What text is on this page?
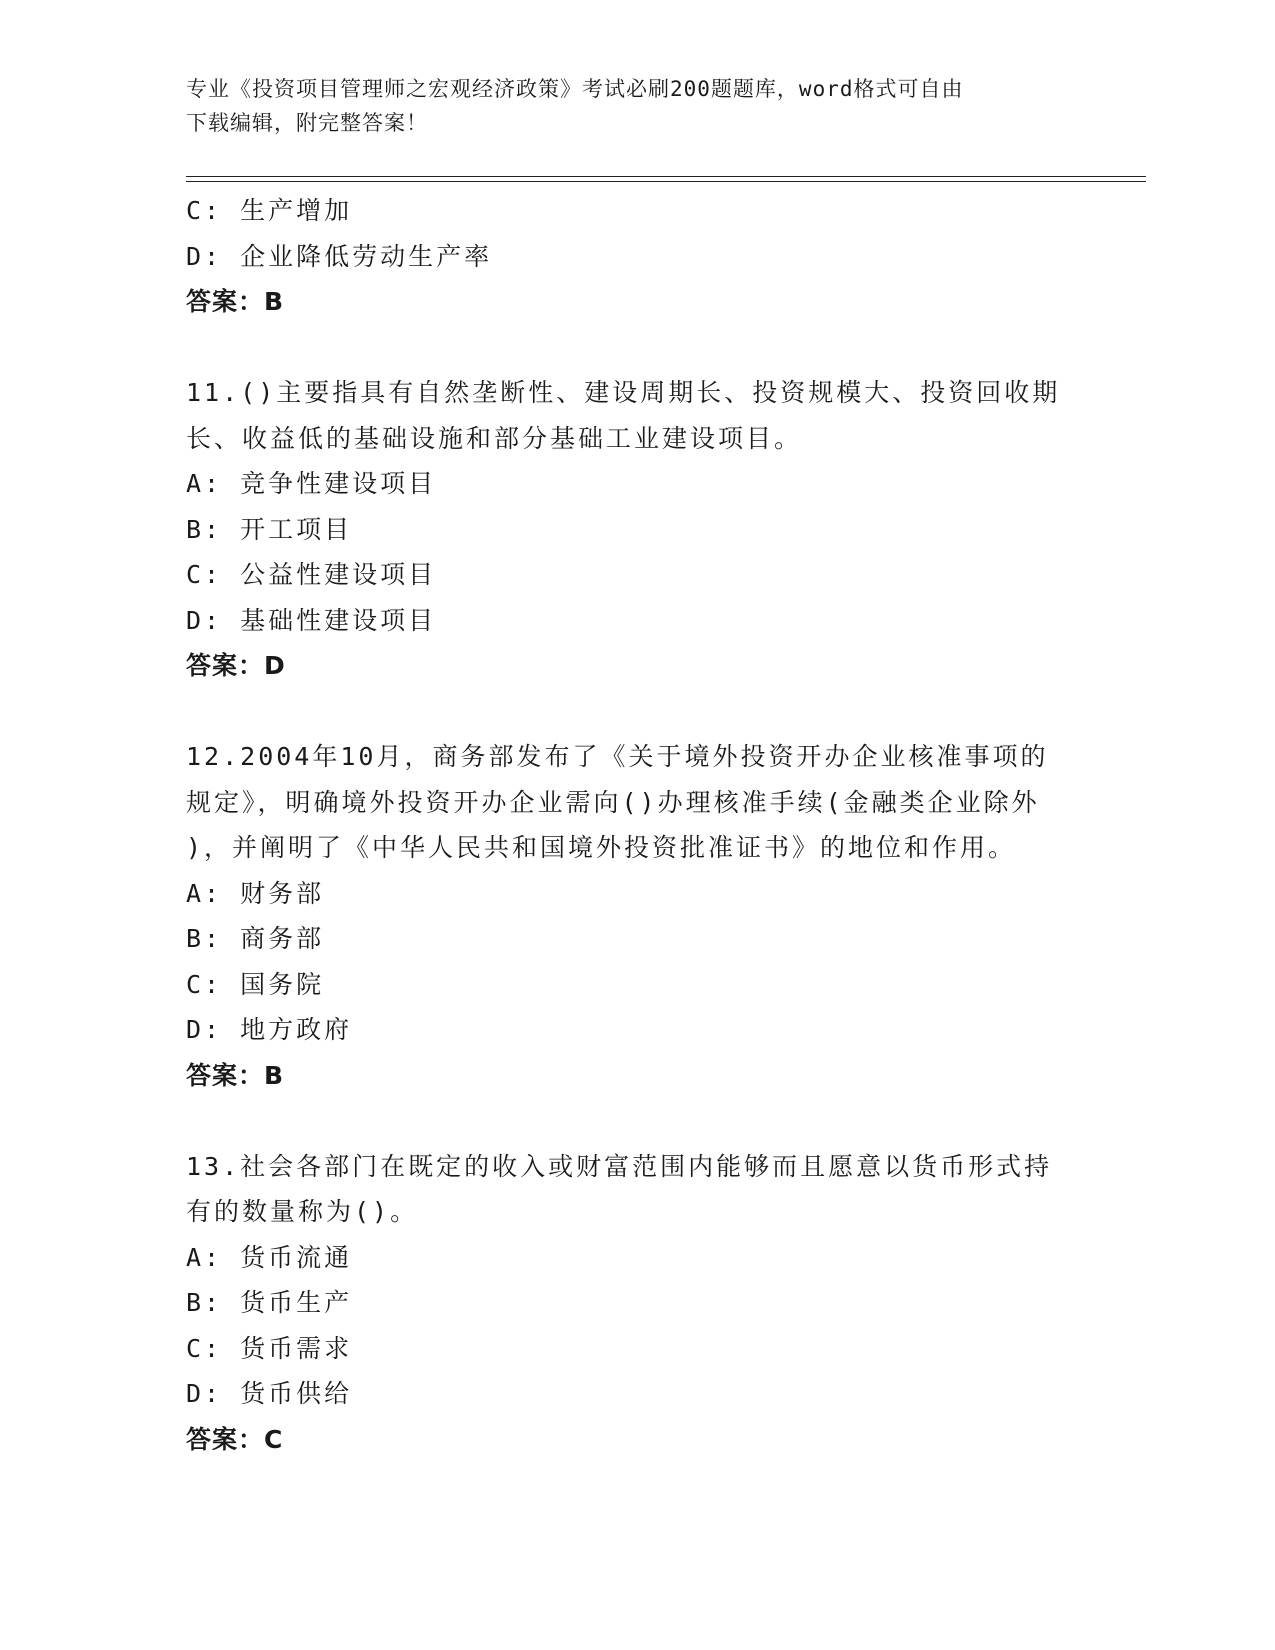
专业《投资项目管理师之宏观经济政策》考试必刷200题题库，word格式可自由
下载编辑，附完整答案！
C: 生产增加
D: 企业降低劳动生产率
答案：B
11.()主要指具有自然垄断性、建设周期长、投资规模大、投资回收期
长、收益低的基础设施和部分基础工业建设项目。
A: 竞争性建设项目
B: 开工项目
C: 公益性建设项目
D: 基础性建设项目
答案：D
12.2004年10月，商务部发布了《关于境外投资开办企业核准事项的
规定》，明确境外投资开办企业需向()办理核准手续(金融类企业除外
)，并阐明了《中华人民共和国境外投资批准证书》的地位和作用。
A: 财务部
B: 商务部
C: 国务院
D: 地方政府
答案：B
13.社会各部门在既定的收入或财富范围内能够而且愿意以货币形式持
有的数量称为()。
A: 货币流通
B: 货币生产
C: 货币需求
D: 货币供给
答案：C
